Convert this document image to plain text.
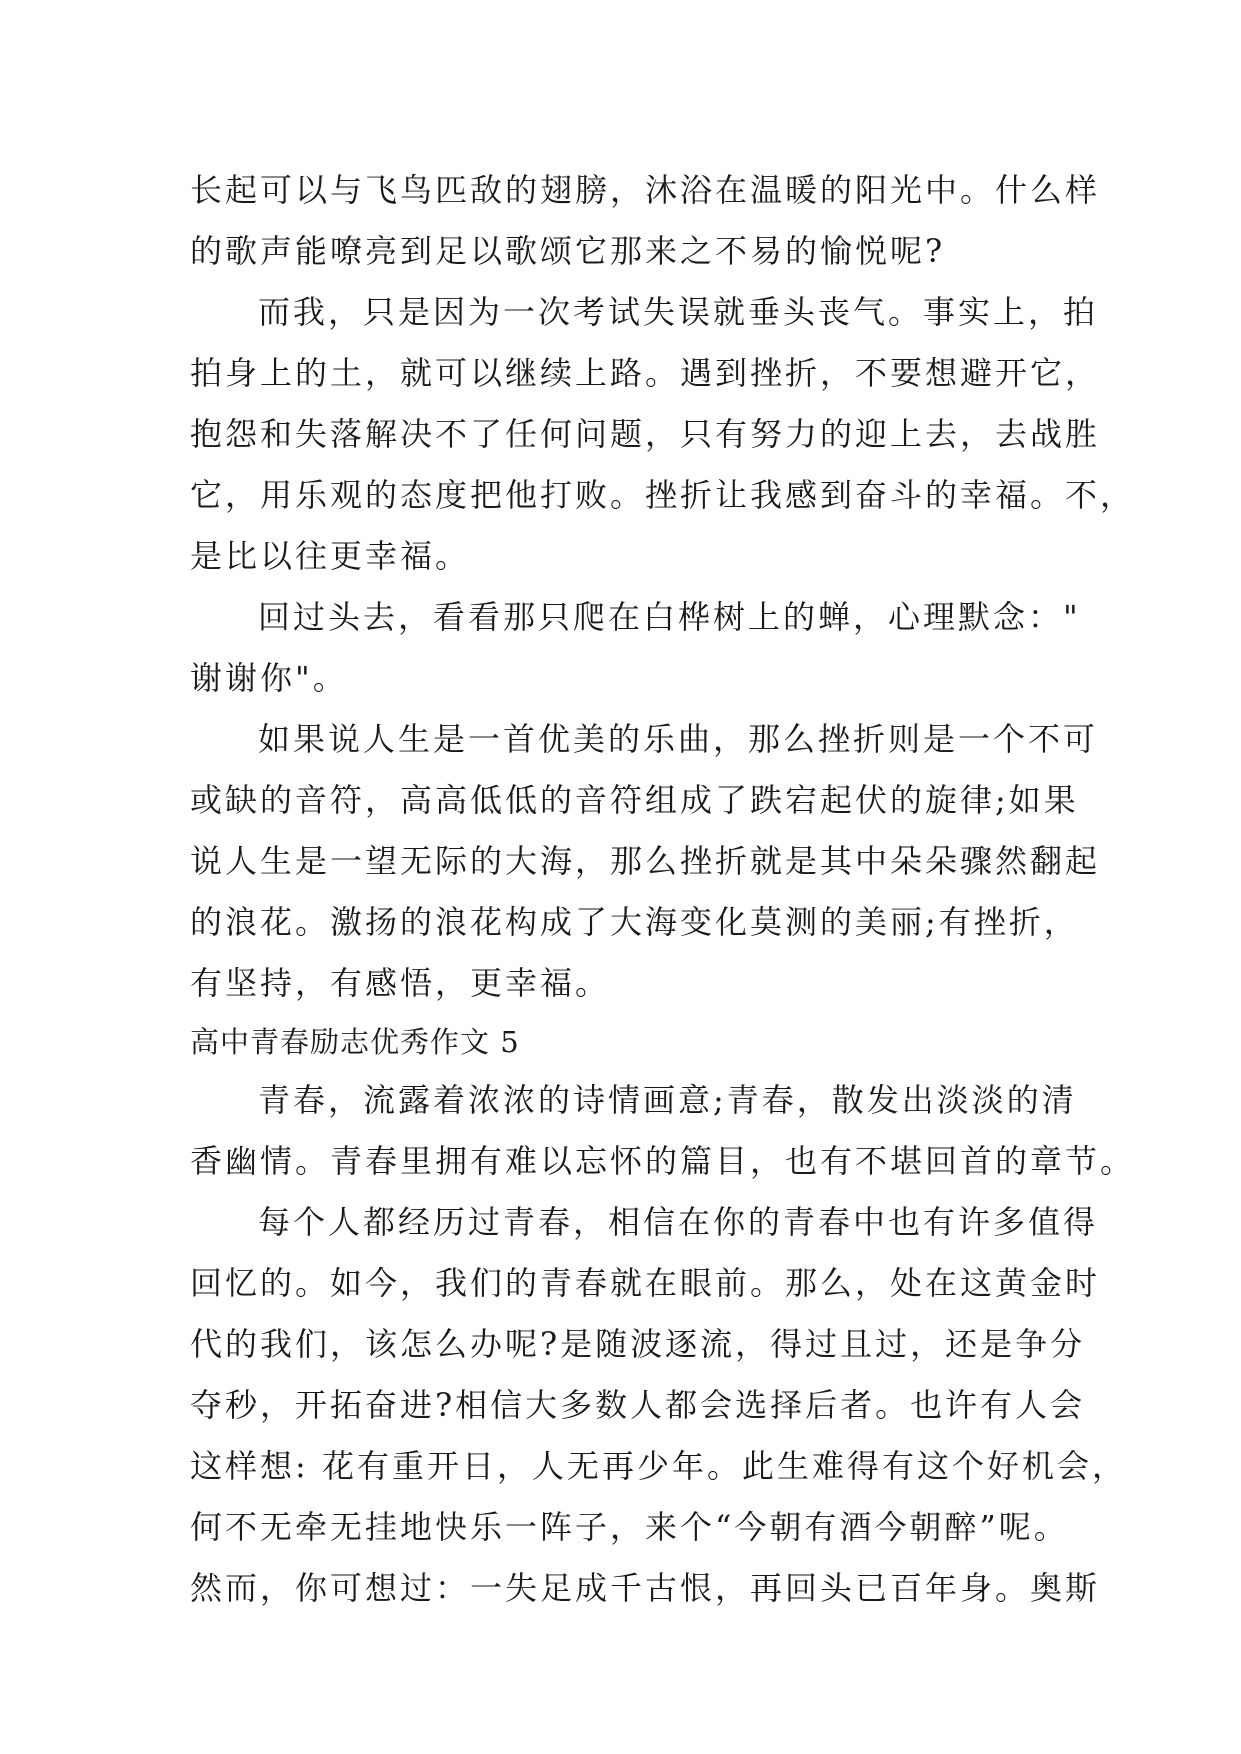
长起可以与飞鸟匹敌的翅膀，沐浴在温暖的阳光中。什么样
的歌声能嘹亮到足以歌颂它那来之不易的愉悦呢?
而我，只是因为一次考试失误就垂头丧气。事实上，拍
拍身上的土，就可以继续上路。遇到挫折，不要想避开它，
抱怨和失落解决不了任何问题，只有努力的迎上去，去战胜
它，用乐观的态度把他打败。挫折让我感到奋斗的幸福。不，
是比以往更幸福。
回过头去，看看那只爬在白桦树上的蝉，心理默念："
谢谢你"。
如果说人生是一首优美的乐曲，那么挫折则是一个不可
或缺的音符，高高低低的音符组成了跌宕起伏的旋律;如果
说人生是一望无际的大海，那么挫折就是其中朵朵骤然翻起
的浪花。激扬的浪花构成了大海变化莫测的美丽;有挫折，
有坚持，有感悟，更幸福。
高中青春励志优秀作文 5
青春，流露着浓浓的诗情画意;青春，散发出淡淡的清
香幽情。青春里拥有难以忘怀的篇目，也有不堪回首的章节。
每个人都经历过青春，相信在你的青春中也有许多值得
回忆的。如今，我们的青春就在眼前。那么，处在这黄金时
代的我们，该怎么办呢?是随波逐流，得过且过，还是争分
夺秒，开拓奋进?相信大多数人都会选择后者。也许有人会
这样想: 花有重开日，人无再少年。此生难得有这个好机会，
何不无牵无挂地快乐一阵子，来个“今朝有酒今朝醉”呢。
然而，你可想过：一失足成千古恨，再回头已百年身。奥斯
